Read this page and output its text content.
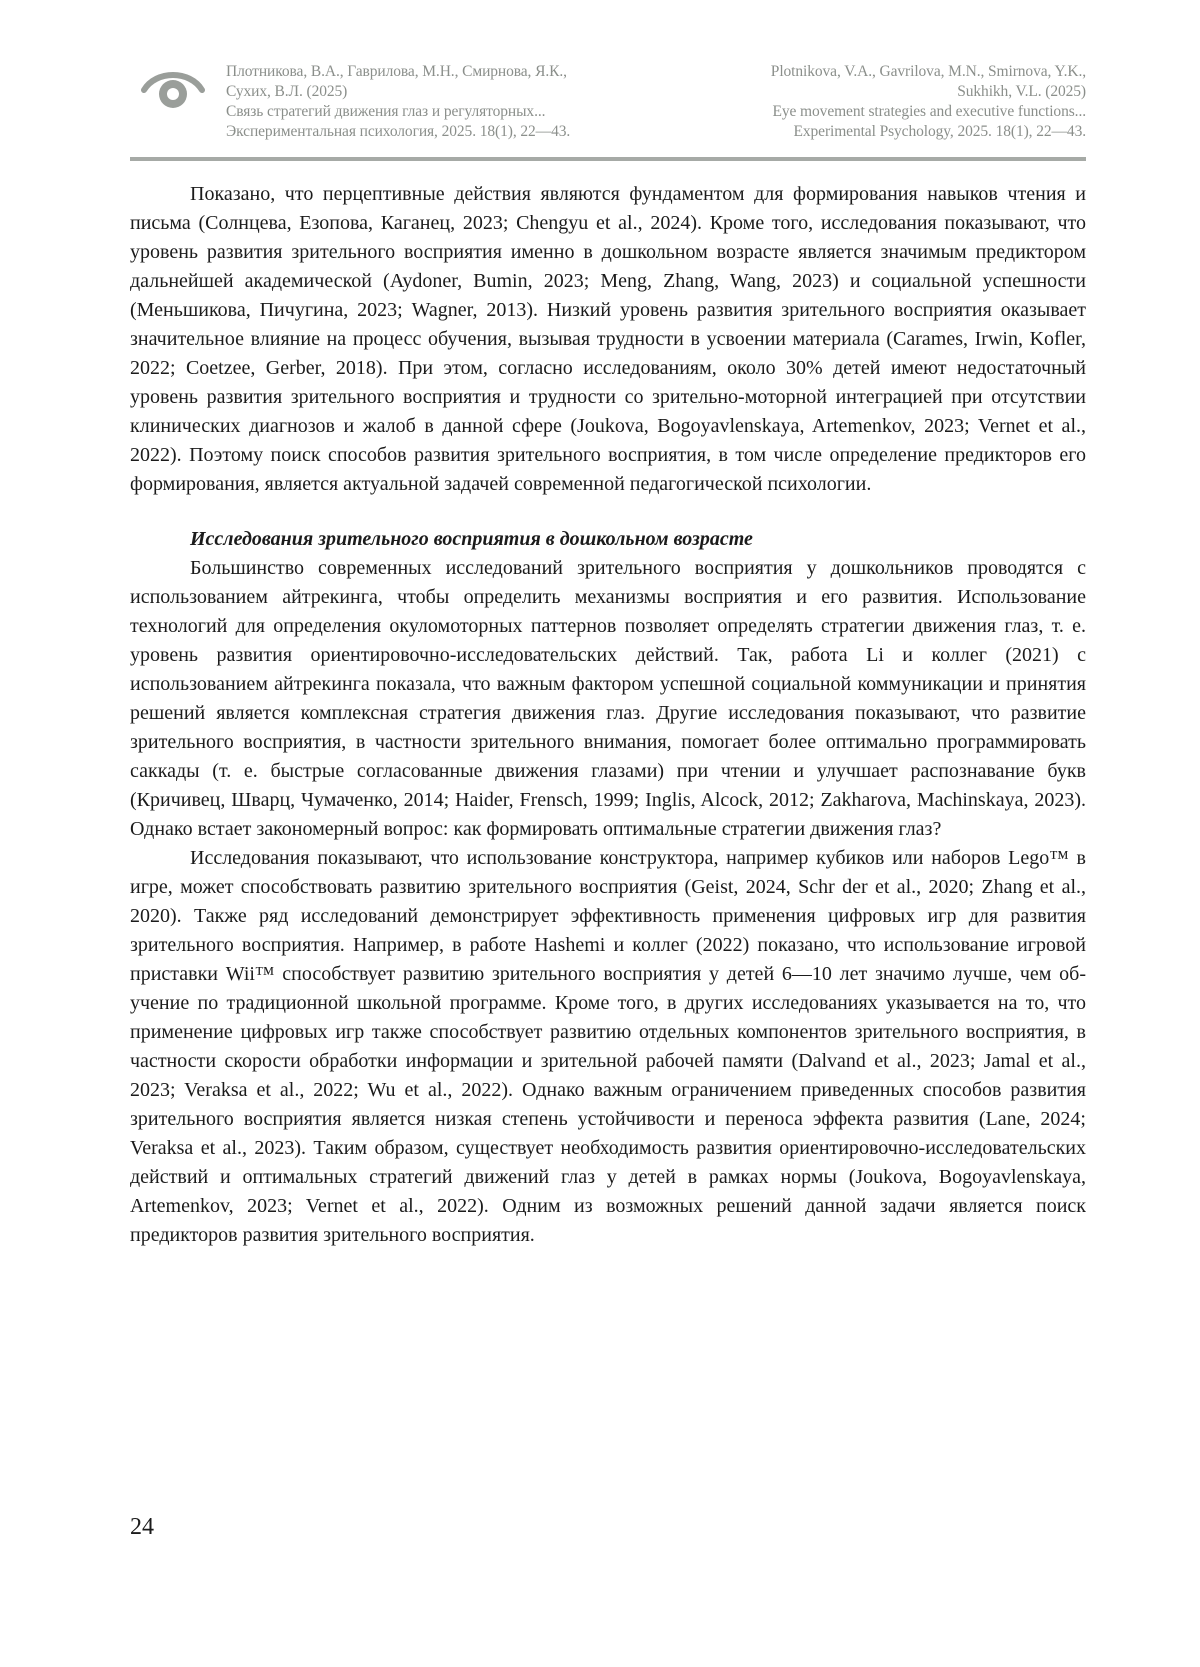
Плотникова, В.А., Гаврилова, М.Н., Смирнова, Я.К.,
Сухих, В.Л. (2025)
Связь стратегий движения глаз и регуляторных...
Экспериментальная психология, 2025. 18(1), 22—43.
Plotnikova, V.A., Gavrilova, M.N., Smirnova, Y.K.,
Sukhikh, V.L. (2025)
Eye movement strategies and executive functions...
Experimental Psychology, 2025. 18(1), 22—43.

Показано, что перцептивные действия являются фундаментом для формирования навыков чтения и письма (Солнцева, Езопова, Каганец, 2023; Chengyu et al., 2024). Кроме того, исследования показывают, что уровень развития зрительного восприятия именно в дошкольном возрасте является значимым предиктором дальнейшей академической (Aydoner, Bumin, 2023; Meng, Zhang, Wang, 2023) и социальной успешности (Меньшикова, Пичугина, 2023; Wagner, 2013). Низкий уровень развития зрительного восприятия оказывает значительное влияние на процесс обучения, вызывая трудности в усвоении материала (Carames, Irwin, Kofler, 2022; Coetzee, Gerber, 2018). При этом, согласно исследованиям, около 30% детей имеют недостаточный уровень развития зрительного восприятия и трудности со зрительно-моторной интеграцией при отсутствии клинических диагнозов и жалоб в данной сфере (Joukova, Bogoyavlenskaya, Artemenkov, 2023; Vernet et al., 2022). Поэтому поиск способов развития зрительного восприятия, в том числе определение предикторов его формирования, является актуальной задачей современной педагогической психологии.

Исследования зрительного восприятия в дошкольном возрасте

Большинство современных исследований зрительного восприятия у дошкольников проводятся с использованием айтрекинга, чтобы определить механизмы восприятия и его развития. Использование технологий для определения окуломоторных паттернов позволяет определять стратегии движения глаз, т. е. уровень развития ориентировочно-исследовательских действий. Так, работа Li и коллег (2021) с использованием айтрекинга показала, что важным фактором успешной социальной коммуникации и принятия решений является комплексная стратегия движения глаз. Другие исследования показывают, что развитие зрительного восприятия, в частности зрительного внимания, помогает более оптимально программировать саккады (т. е. быстрые согласованные движения глазами) при чтении и улучшает распознавание букв (Кричивец, Шварц, Чумаченко, 2014; Haider, Frensch, 1999; Inglis, Alcock, 2012; Zakharova, Machinskaya, 2023). Однако встает закономерный вопрос: как формировать оптимальные стратегии движения глаз?

Исследования показывают, что использование конструктора, например кубиков или наборов Lego™ в игре, может способствовать развитию зрительного восприятия (Geist, 2024, Schr der et al., 2020; Zhang et al., 2020). Также ряд исследований демонстрирует эффективность применения цифровых игр для развития зрительного восприятия. Например, в работе Hashemi и коллег (2022) показано, что использование игровой приставки Wii™ способствует развитию зрительного восприятия у детей 6—10 лет значимо лучше, чем обучение по традиционной школьной программе. Кроме того, в других исследованиях указывается на то, что применение цифровых игр также способствует развитию отдельных компонентов зрительного восприятия, в частности скорости обработки информации и зрительной рабочей памяти (Dalvand et al., 2023; Jamal et al., 2023; Veraksa et al., 2022; Wu et al., 2022). Однако важным ограничением приведенных способов развития зрительного восприятия является низкая степень устойчивости и переноса эффекта развития (Lane, 2024; Veraksa et al., 2023). Таким образом, существует необходимость развития ориентировочно-исследовательских действий и оптимальных стратегий движений глаз у детей в рамках нормы (Joukova, Bogoyavlenskaya, Artemenkov, 2023; Vernet et al., 2022). Одним из возможных решений данной задачи является поиск предикторов развития зрительного восприятия.

24
